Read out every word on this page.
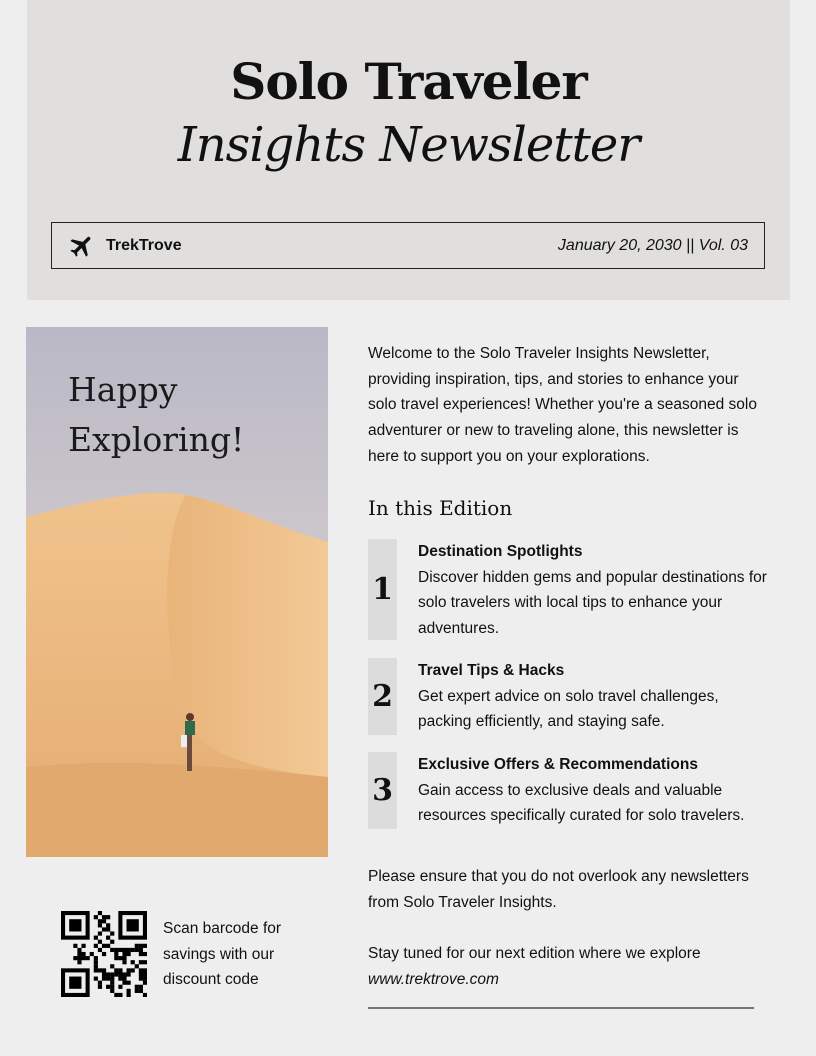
Solo Traveler
Insights Newsletter
TrekTrove	January 20, 2030 || Vol. 03
Happy
Exploring!
Welcome to the Solo Traveler Insights Newsletter, providing inspiration, tips, and stories to enhance your solo travel experiences! Whether you're a seasoned solo adventurer or new to traveling alone, this newsletter is here to support you on your explorations.
In this Edition
1
Destination Spotlights
Discover hidden gems and popular destinations for solo travelers with local tips to enhance your adventures.
2
Travel Tips & Hacks
Get expert advice on solo travel challenges, packing efficiently, and staying safe.
3
Exclusive Offers & Recommendations
Gain access to exclusive deals and valuable resources specifically curated for solo travelers.
Please ensure that you do not overlook any newsletters from Solo Traveler Insights.
Stay tuned for our next edition where we explore
www.trektrove.com
Scan barcode for savings with our discount code
